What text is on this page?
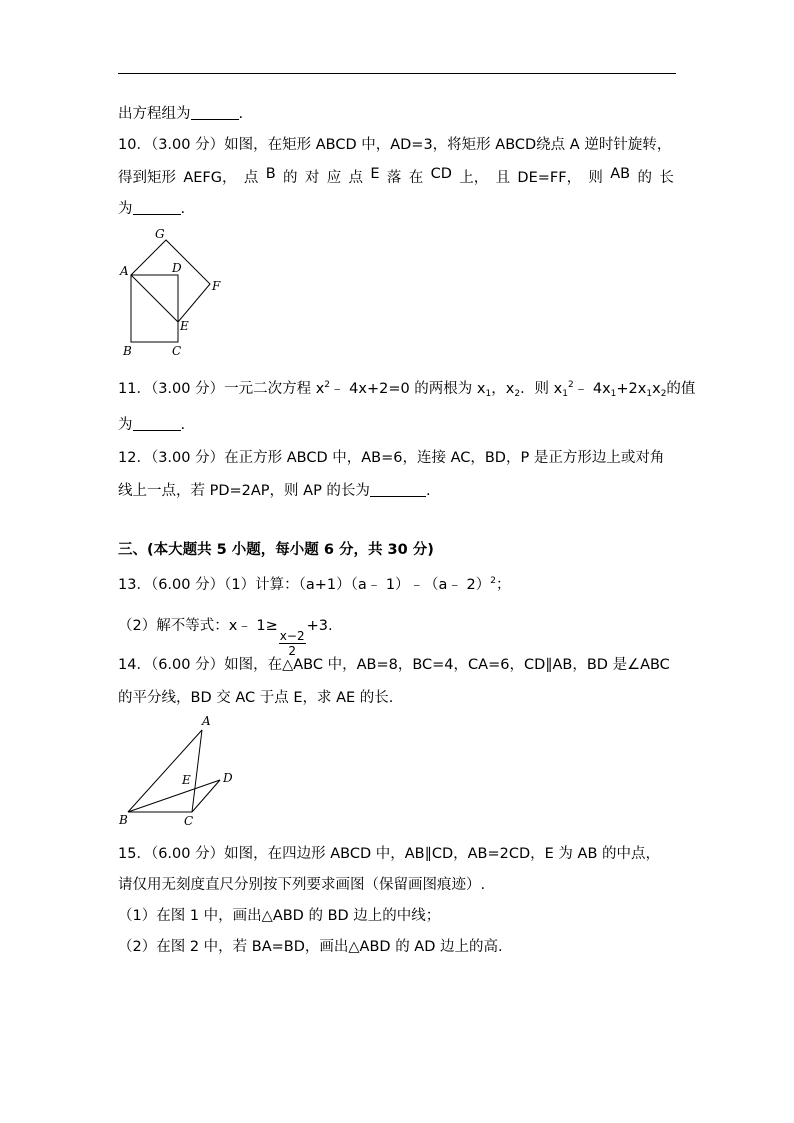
出方程组为	.
10．（3.00 分）如图，在矩形 ABCD 中，AD=3，将矩形 ABCD绕点 A 逆时针旋转，
得到矩形 AEFG， 点 B 的 对 应 点 E 落 在 CD 上， 且 DE=FF， 则 AB 的 长
为	.
A
B	C
D
E
F
G
11．（3.00 分）一元二次方程 $x^2﹣$ 4x+2=0 的两根为 $x_1$，$x_2$．则 $x_1^2﹣$ $4x_1+2x_1x_2$的值
为	.
12．（3.00 分）在正方形 ABCD 中，AB=6，连接 AC，BD，P 是正方形边上或对角
线上一点，若 PD=2AP，则 AP 的长为	.
三、(本大题共 5 小题，每小题 6 分，共 30 分)
13．（6.00 分）（1）计算：（a+1）（a﹣ 1）﹣（a﹣ 2）$^2$；
（2）解不等式：x﹣ 1≥
$\frac{x-2}{2}$
+3.
14．（6.00 分）如图，在△ABC 中，AB=8，BC=4，CA=6，CD∥AB，BD 是∠ABC
的平分线，BD 交 AC 于点 E，求 AE 的长.
A
B	C
D
E
15．（6.00 分）如图，在四边形 ABCD 中，AB∥CD，AB=2CD，E 为 AB 的中点，
请仅用无刻度直尺分别按下列要求画图（保留画图痕迹）.
（1）在图 1 中，画出△ABD 的 BD 边上的中线；
（2）在图 2 中，若 BA=BD，画出△ABD 的 AD 边上的高.
